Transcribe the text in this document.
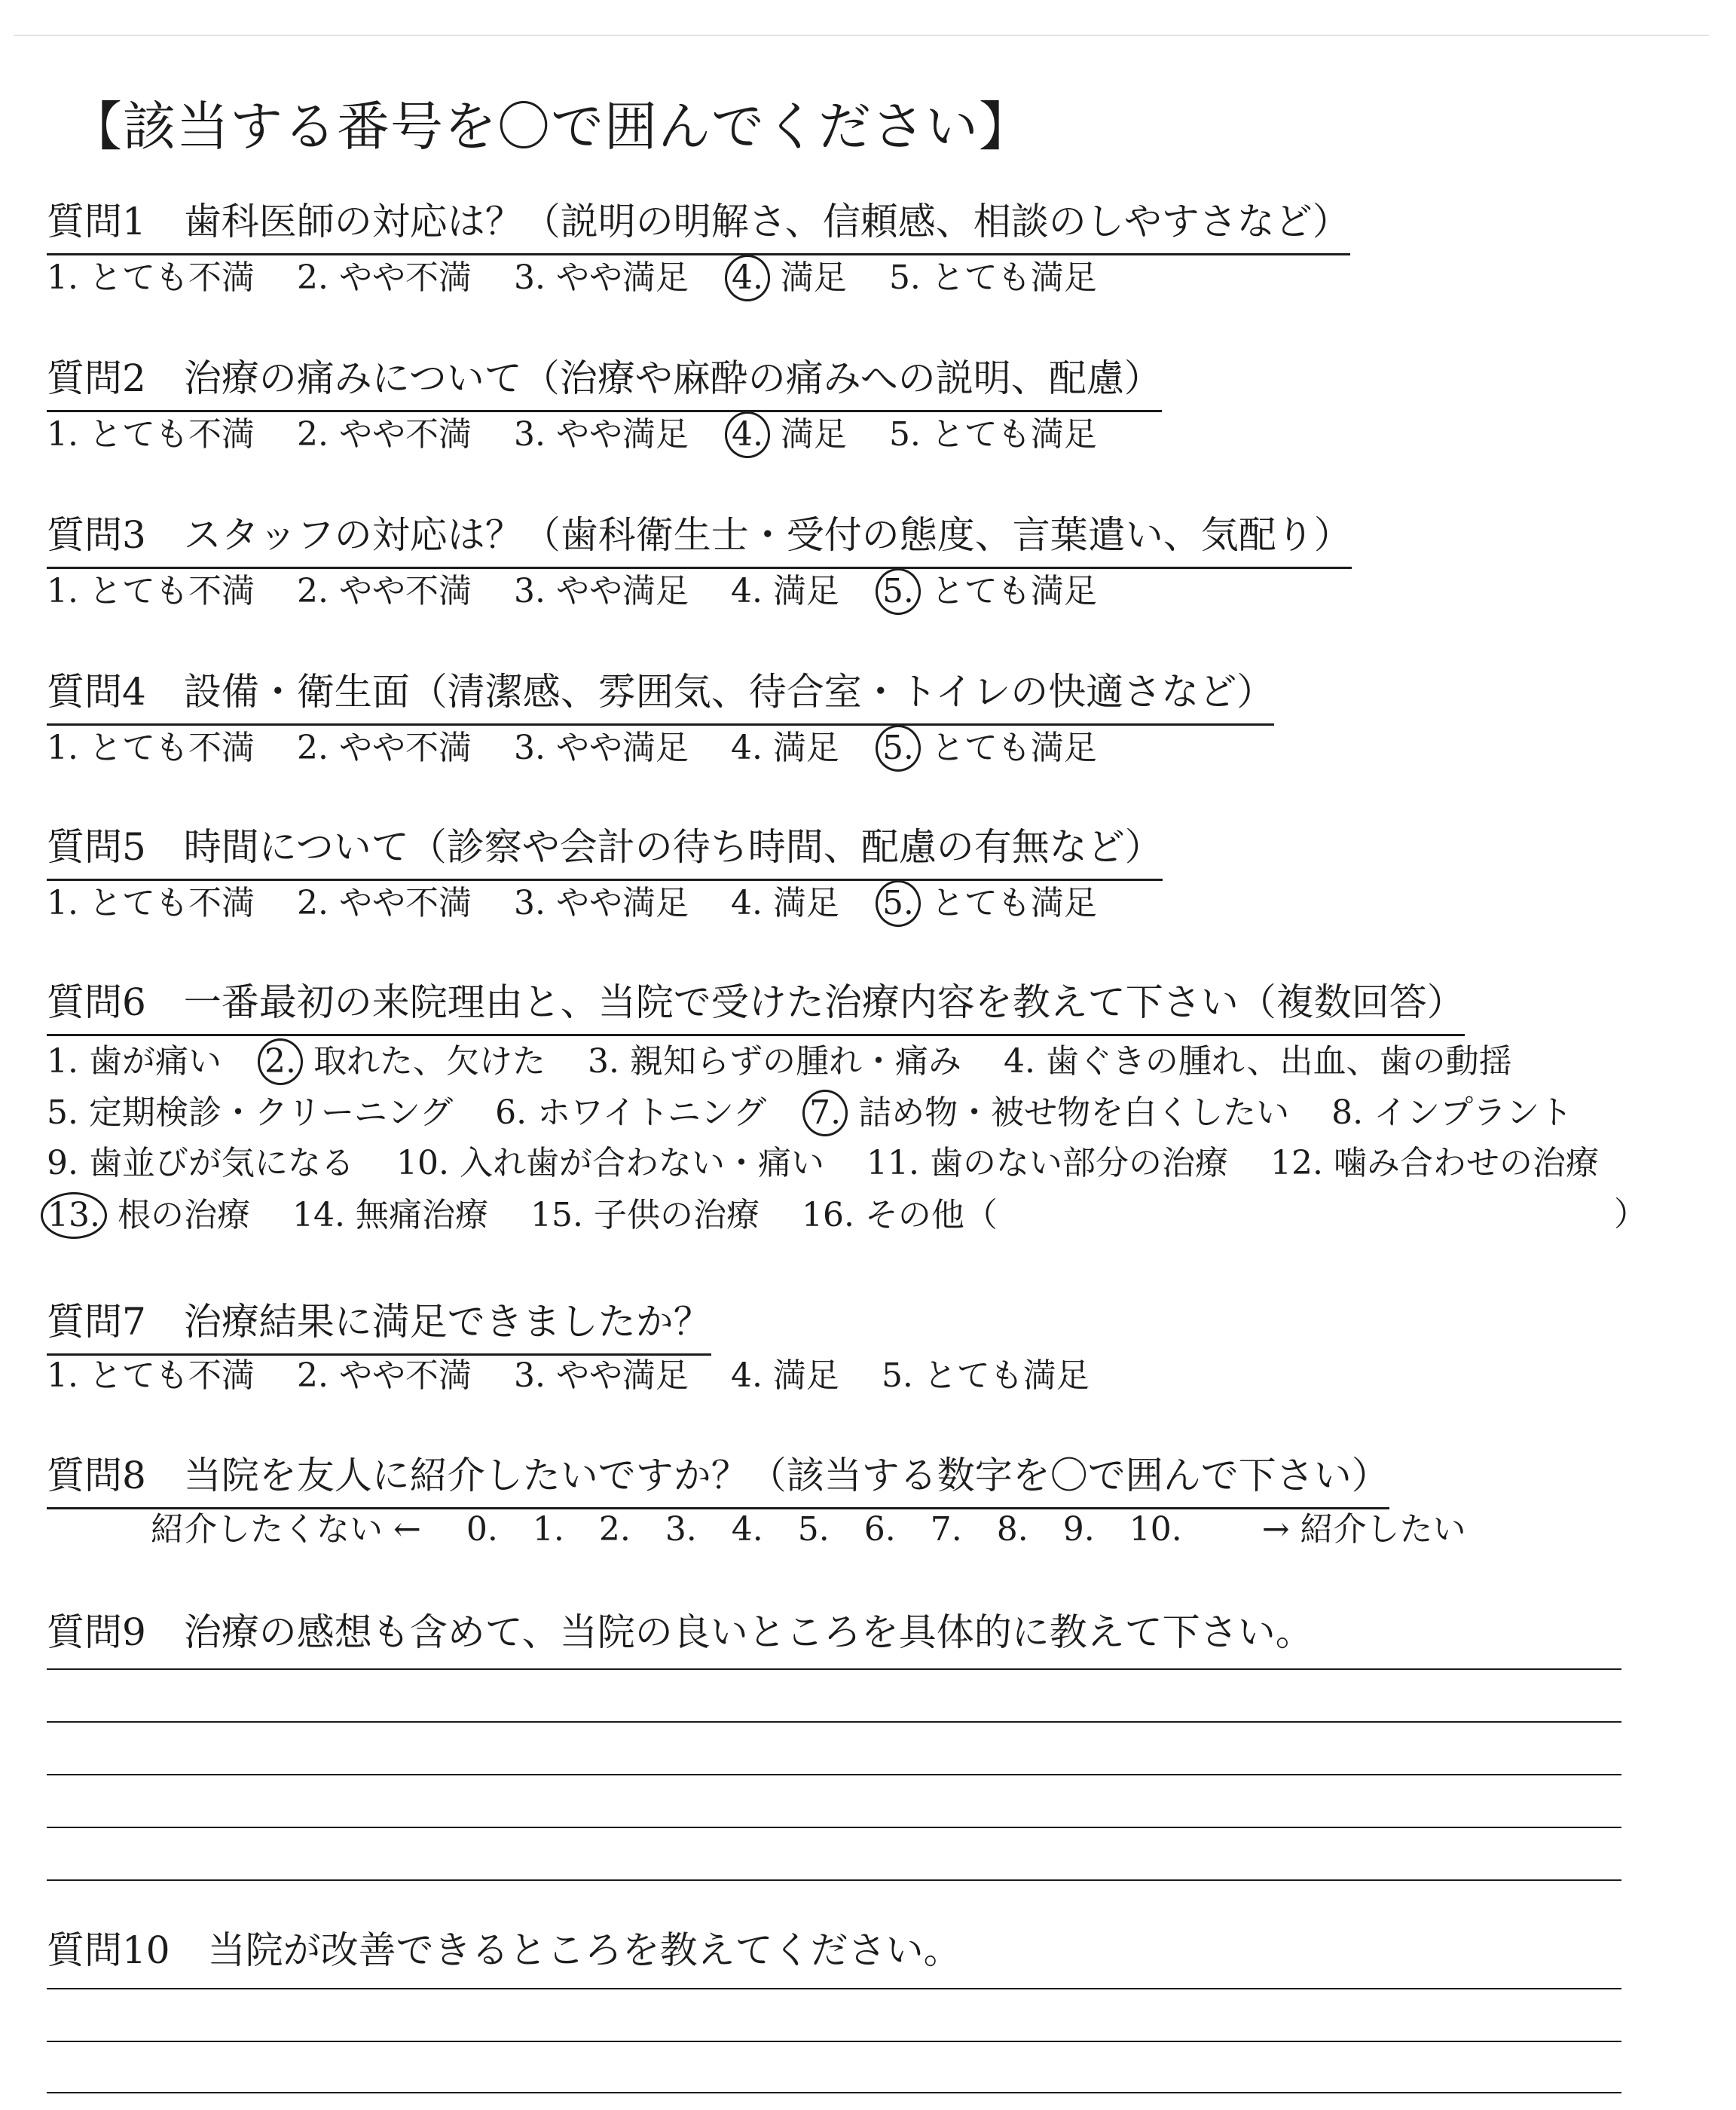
【該当する番号を〇で囲んでください】
質問1　歯科医師の対応は？（説明の明解さ、信頼感、相談のしやすさなど）
1. とても不満 2. やや不満 3. やや満足 4. 満足 5. とても満足
質問2　治療の痛みについて（治療や麻酔の痛みへの説明、配慮）
1. とても不満 2. やや不満 3. やや満足 4. 満足 5. とても満足
質問3　スタッフの対応は？（歯科衛生士・受付の態度、言葉遣い、気配り）
1. とても不満 2. やや不満 3. やや満足 4. 満足 5. とても満足
質問4　設備・衛生面（清潔感、雰囲気、待合室・トイレの快適さなど）
1. とても不満 2. やや不満 3. やや満足 4. 満足 5. とても満足
質問5　時間について（診察や会計の待ち時間、配慮の有無など）
1. とても不満 2. やや不満 3. やや満足 4. 満足 5. とても満足
質問6　一番最初の来院理由と、当院で受けた治療内容を教えて下さい（複数回答）
1. 歯が痛い 2. 取れた、欠けた 3. 親知らずの腫れ・痛み 4. 歯ぐきの腫れ、出血、歯の動揺
5. 定期検診・クリーニング 6. ホワイトニング 7. 詰め物・被せ物を白くしたい 8. インプラント
9. 歯並びが気になる 10. 入れ歯が合わない・痛い 11. 歯のない部分の治療 12. 噛み合わせの治療
13. 根の治療 14. 無痛治療 15. 子供の治療 16. その他（	）
質問7　治療結果に満足できましたか？
1. とても不満 2. やや不満 3. やや満足 4. 満足 5. とても満足
質問8　当院を友人に紹介したいですか？（該当する数字を〇で囲んで下さい）
紹介したくない ← 0. 1. 2. 3. 4. 5. 6. 7. 8. 9. 10. → 紹介したい
質問9　治療の感想も含めて、当院の良いところを具体的に教えて下さい。
質問10　当院が改善できるところを教えてください。
